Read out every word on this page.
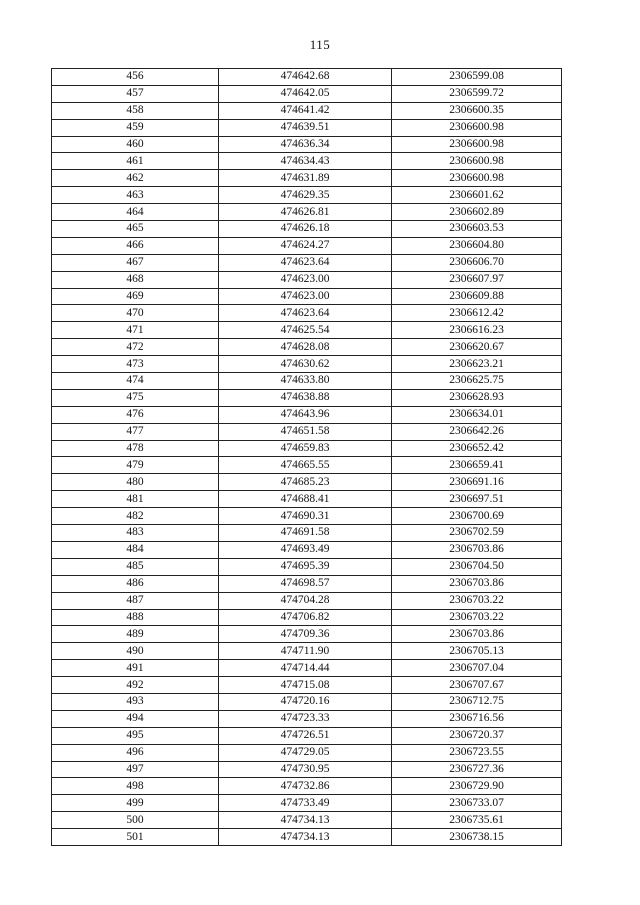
115
456	474642.68	2306599.08
457	474642.05	2306599.72
458	474641.42	2306600.35
459	474639.51	2306600.98
460	474636.34	2306600.98
461	474634.43	2306600.98
462	474631.89	2306600.98
463	474629.35	2306601.62
464	474626.81	2306602.89
465	474626.18	2306603.53
466	474624.27	2306604.80
467	474623.64	2306606.70
468	474623.00	2306607.97
469	474623.00	2306609.88
470	474623.64	2306612.42
471	474625.54	2306616.23
472	474628.08	2306620.67
473	474630.62	2306623.21
474	474633.80	2306625.75
475	474638.88	2306628.93
476	474643.96	2306634.01
477	474651.58	2306642.26
478	474659.83	2306652.42
479	474665.55	2306659.41
480	474685.23	2306691.16
481	474688.41	2306697.51
482	474690.31	2306700.69
483	474691.58	2306702.59
484	474693.49	2306703.86
485	474695.39	2306704.50
486	474698.57	2306703.86
487	474704.28	2306703.22
488	474706.82	2306703.22
489	474709.36	2306703.86
490	474711.90	2306705.13
491	474714.44	2306707.04
492	474715.08	2306707.67
493	474720.16	2306712.75
494	474723.33	2306716.56
495	474726.51	2306720.37
496	474729.05	2306723.55
497	474730.95	2306727.36
498	474732.86	2306729.90
499	474733.49	2306733.07
500	474734.13	2306735.61
501	474734.13	2306738.15
